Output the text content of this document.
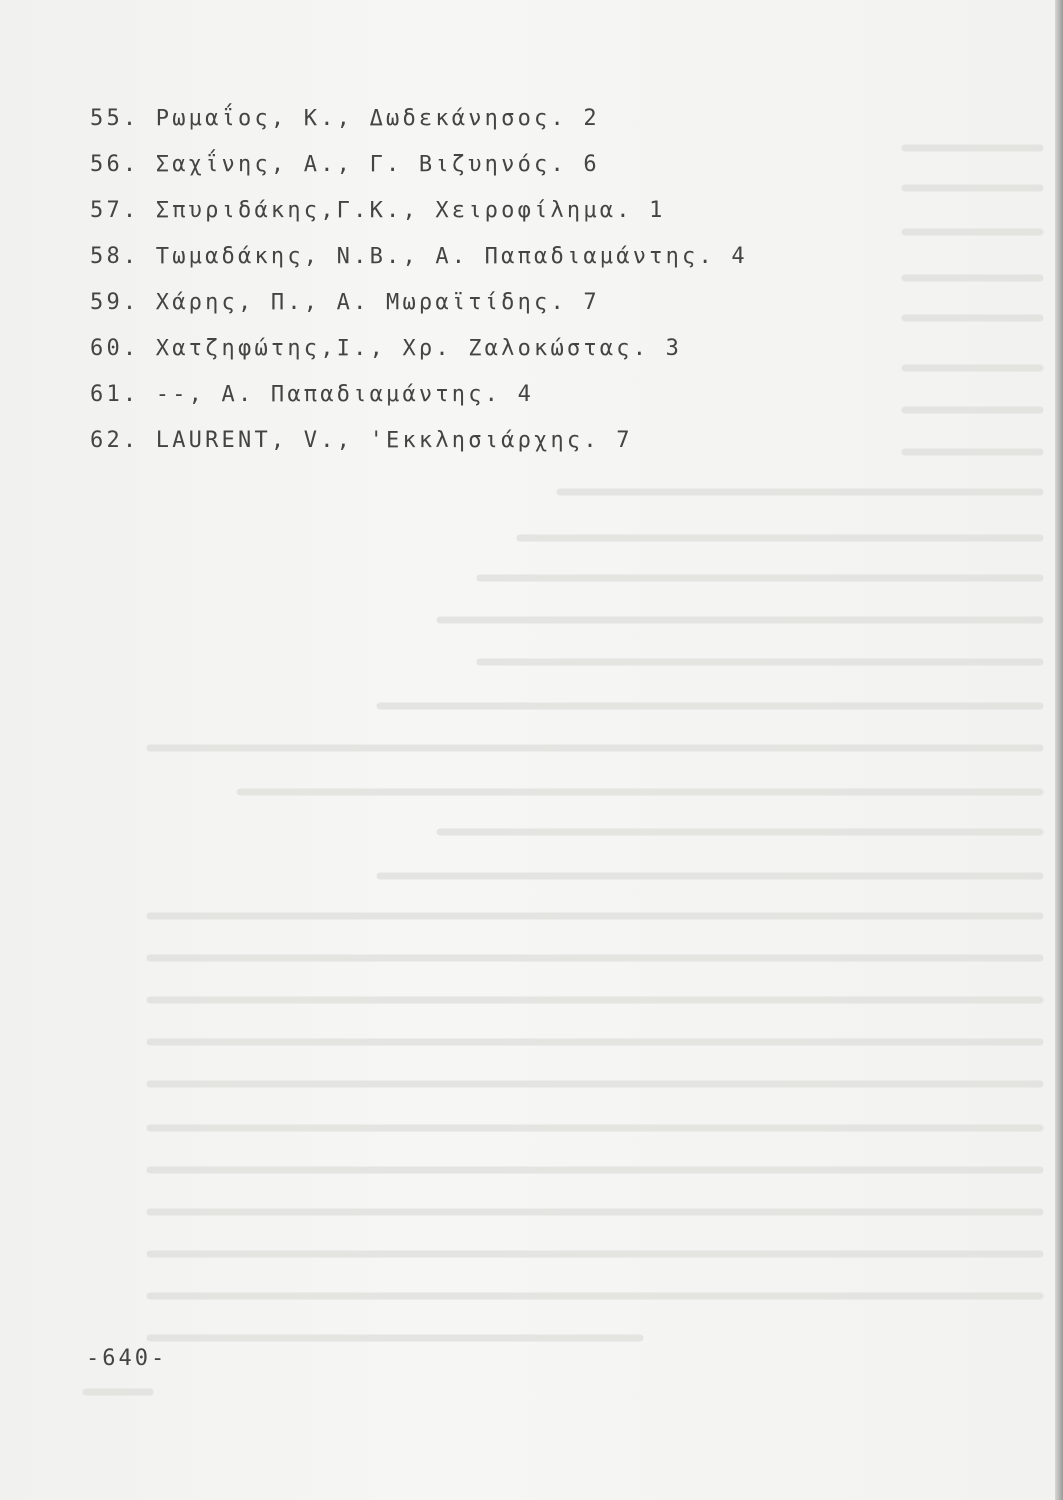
55. Ρωμαΐος, Κ., Δωδεκάνησος. 2
56. Σαχΐνης, Α., Γ. Βιζυηνός. 6
57. Σπυριδάκης,Γ.Κ., Χειροφίλημα. 1
58. Τωμαδάκης, Ν.Β., Α. Παπαδιαμάντης. 4
59. Χάρης, Π., Α. Μωραϊτίδης. 7
60. Χατζηφώτης,Ι., Χρ. Ζαλοκώστας. 3
61. --, Α. Παπαδιαμάντης. 4
62. LAURENT, V., 'Εκκλησιάρχης. 7
-640-
